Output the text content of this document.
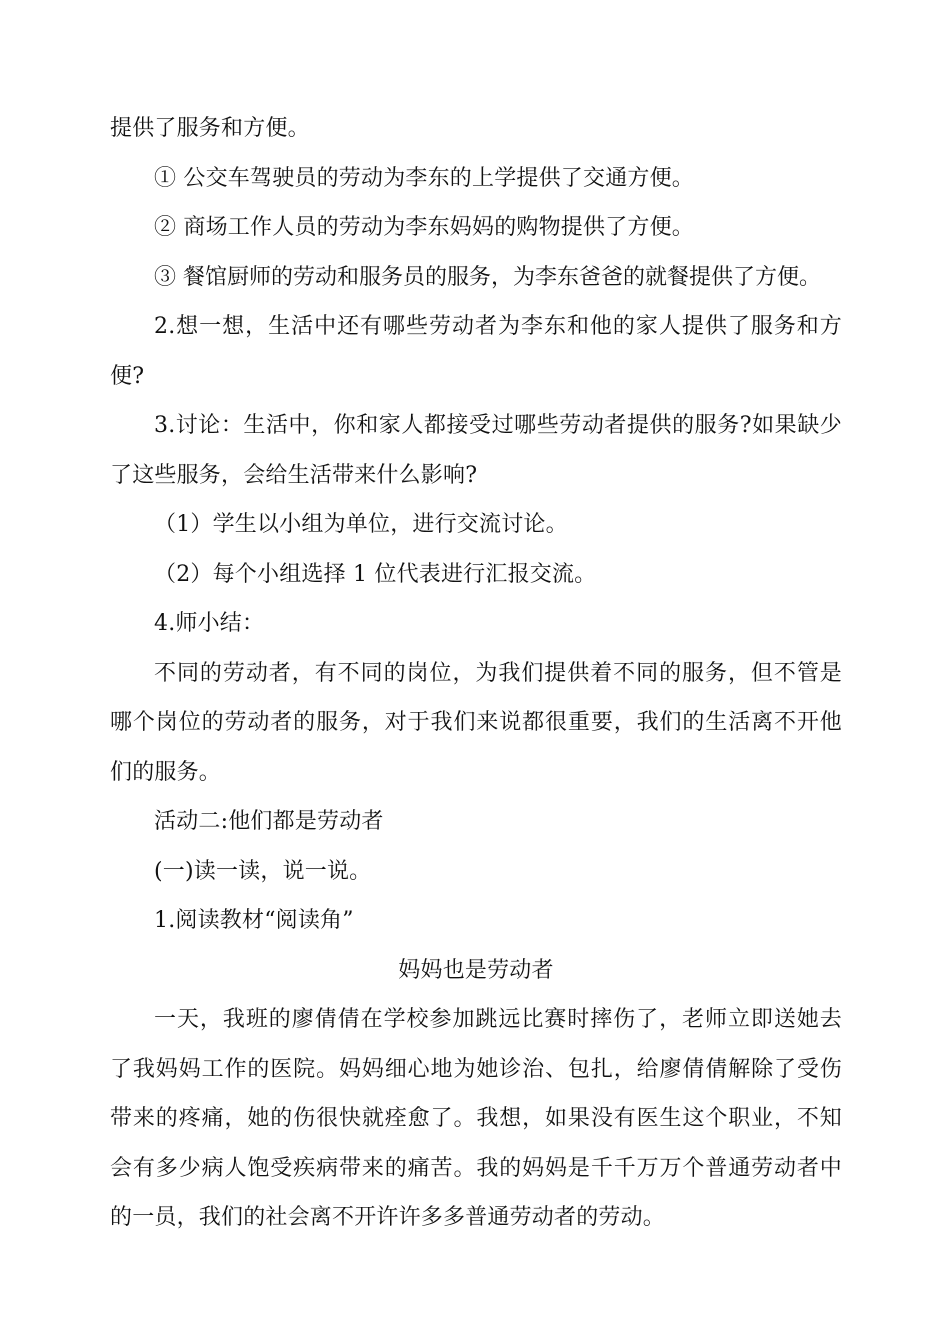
提供了服务和方便。

① 公交车驾驶员的劳动为李东的上学提供了交通方便。

② 商场工作人员的劳动为李东妈妈的购物提供了方便。

③ 餐馆厨师的劳动和服务员的服务，为李东爸爸的就餐提供了方便。

2.想一想，生活中还有哪些劳动者为李东和他的家人提供了服务和方便?

3.讨论：生活中，你和家人都接受过哪些劳动者提供的服务?如果缺少了这些服务，会给生活带来什么影响?

（1）学生以小组为单位，进行交流讨论。

（2）每个小组选择 1 位代表进行汇报交流。

4.师小结：

不同的劳动者，有不同的岗位，为我们提供着不同的服务，但不管是哪个岗位的劳动者的服务，对于我们来说都很重要，我们的生活离不开他们的服务。

活动二:他们都是劳动者

(一)读一读，说一说。

1.阅读教材“阅读角”

妈妈也是劳动者

一天，我班的廖倩倩在学校参加跳远比赛时摔伤了，老师立即送她去了我妈妈工作的医院。妈妈细心地为她诊治、包扎，给廖倩倩解除了受伤带来的疼痛，她的伤很快就痊愈了。我想，如果没有医生这个职业，不知会有多少病人饱受疾病带来的痛苦。我的妈妈是千千万万个普通劳动者中的一员，我们的社会离不开许许多多普通劳动者的劳动。
